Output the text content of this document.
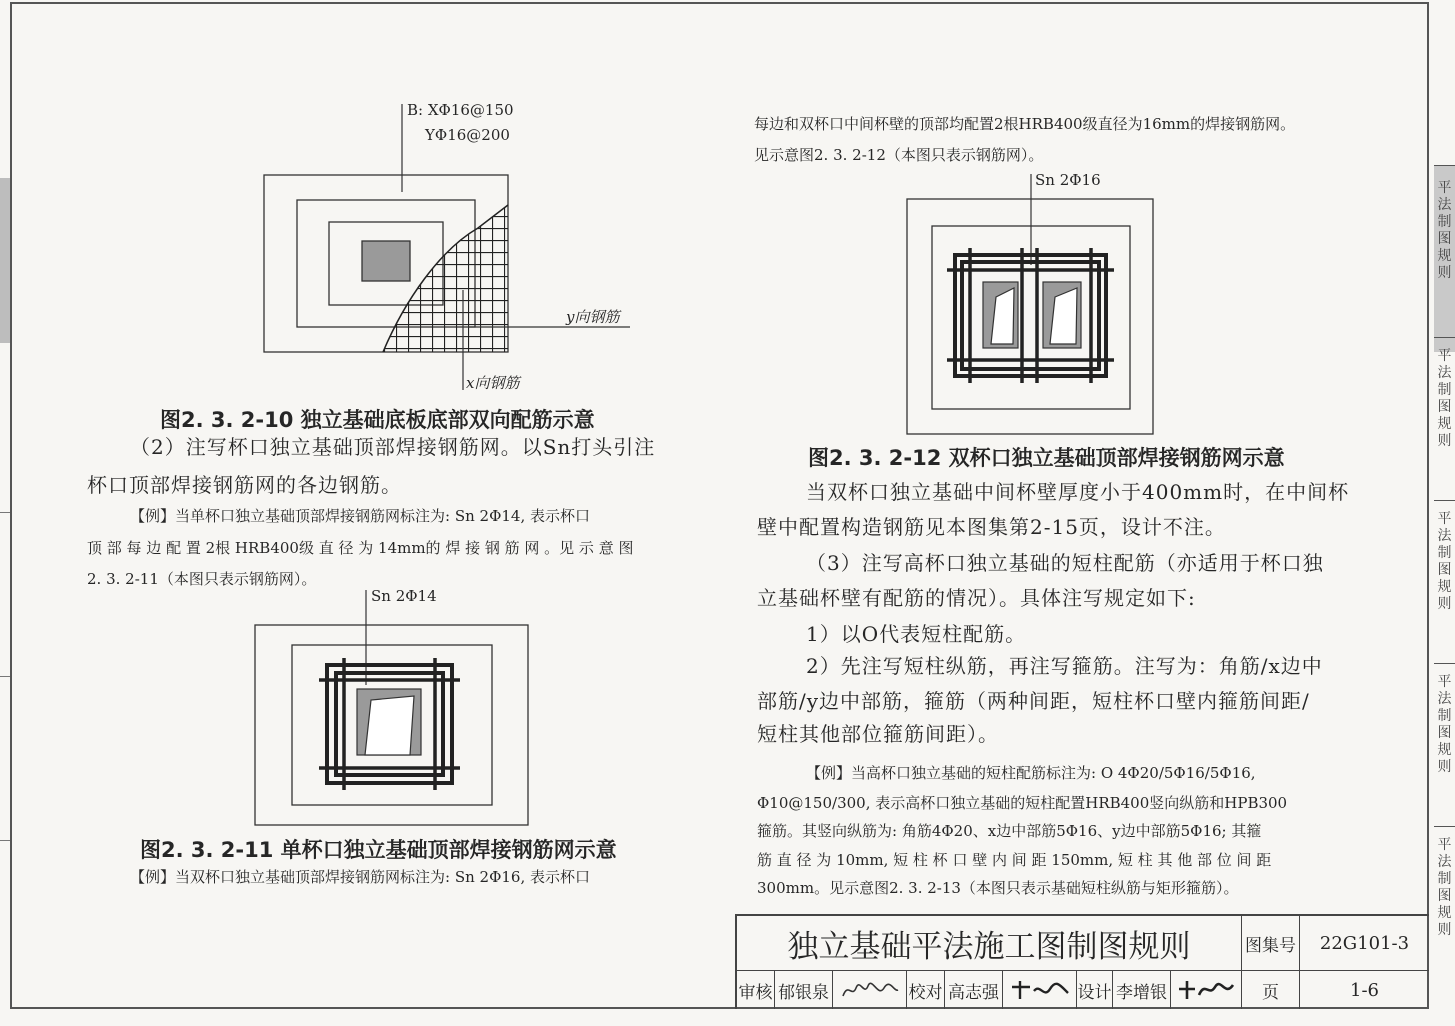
平法制图规则
平法制图规则
平法制图规则
平法制图规则
平法制图规则
B: XΦ16@150
YΦ16@200
y向钢筋
x向钢筋
图2. 3. 2-10 独立基础底板底部双向配筋示意
（2）注写杯口独立基础顶部焊接钢筋网。以Sn打头引注
杯口顶部焊接钢筋网的各边钢筋。
【例】当单杯口独立基础顶部焊接钢筋网标注为: Sn 2Φ14, 表示杯口
顶 部 每 边 配 置 2根 HRB400级 直 径 为 14mm的 焊 接 钢 筋 网 。见 示 意 图
2. 3. 2-11（本图只表示钢筋网）。
Sn 2Φ14
图2. 3. 2-11 单杯口独立基础顶部焊接钢筋网示意
【例】当双杯口独立基础顶部焊接钢筋网标注为: Sn 2Φ16, 表示杯口
每边和双杯口中间杯壁的顶部均配置2根HRB400级直径为16mm的焊接钢筋网。
见示意图2. 3. 2-12（本图只表示钢筋网）。
Sn 2Φ16
图2. 3. 2-12 双杯口独立基础顶部焊接钢筋网示意
当双杯口独立基础中间杯壁厚度小于400mm时，在中间杯
壁中配置构造钢筋见本图集第2-15页，设计不注。
（3）注写高杯口独立基础的短柱配筋（亦适用于杯口独
立基础杯壁有配筋的情况）。具体注写规定如下:
1）以O代表短柱配筋。
2）先注写短柱纵筋，再注写箍筋。注写为：角筋/x边中
部筋/y边中部筋，箍筋（两种间距，短柱杯口壁内箍筋间距/
短柱其他部位箍筋间距）。
【例】当高杯口独立基础的短柱配筋标注为: O 4Φ20/5Φ16/5Φ16,
Φ10@150/300, 表示高杯口独立基础的短柱配置HRB400竖向纵筋和HPB300
箍筋。其竖向纵筋为: 角筋4Φ20、x边中部筋5Φ16、y边中部筋5Φ16; 其箍
筋 直 径 为 10mm, 短 柱 杯 口 壁 内 间 距 150mm, 短 柱 其 他 部 位 间 距
300mm。见示意图2. 3. 2-13（本图只表示基础短柱纵筋与矩形箍筋）。
独立基础平法施工图制图规则	图集号	22G101-3
审核 郁银泉	校对 高志强	设计 李增银	页	1-6
